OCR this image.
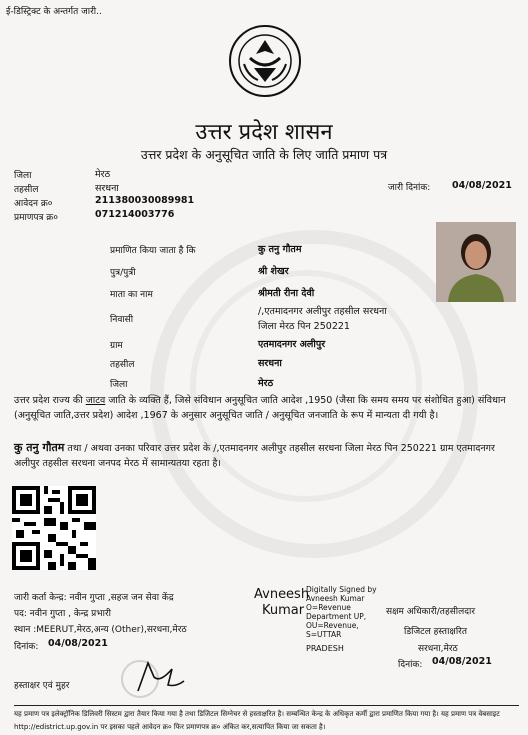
ई-डिस्ट्रिक्ट के अन्तर्गत जारी..
उत्तर प्रदेश शासन
उत्तर प्रदेश के अनुसूचित जाति के लिए जाति प्रमाण पत्र
जिला	मेरठ
तहसील	सरधना
आवेदन क्र०	211380030089981
प्रमाणपत्र क्र०	071214003776
जारी दिनांक: 04/08/2021
प्रमाणित किया जाता है कि	कु तनु गौतम
पुत्र/पुत्री	श्री शेखर
माता का नाम	श्रीमती रीना देवी
निवासी
/,एतमादनगर अलीपुर तहसील सरधना
जिला मेरठ पिन 250221
ग्राम	एतमादनगर अलीपुर
तहसील	सरधना
जिला	मेरठ
उत्तर प्रदेश राज्य की जाटव जाति के व्यक्ति हैं, जिसे संविधान अनुसूचित जाति आदेश ,1950 (जैसा कि समय समय पर संशोधित हुआ) संविधान (अनुसूचित जाति,उत्तर प्रदेश) आदेश ,1967 के अनुसार अनुसूचित जाति / अनुसूचित जनजाति के रूप में मान्यता दी गयी है।
कु तनु गौतम तथा / अथवा उनका परिवार उत्तर प्रदेश के /,एतमादनगर अलीपुर तहसील सरधना जिला मेरठ पिन 250221 ग्राम एतमादनगर अलीपुर तहसील सरधना जनपद मेरठ में सामान्यतया रहता है।
जारी कर्ता केन्द्र: नवीन गुप्ता ,सहज जन सेवा केंद्र
पद: नवीन गुप्ता , केन्द्र प्रभारी
स्थान :MEERUT,मेरठ,अन्य (Other),सरधना,मेरठ
दिनांक: 04/08/2021
हस्ताक्षर एवं मुहर
Avneesh
Kumar
Digitally Signed by
Avneesh Kumar
O=Revenue
Department UP,
OU=Revenue,
S=UTTAR
PRADESH
सक्षम अधिकारी/तहसीलदार
डिजिटल हस्ताक्षरित
सरधना,मेरठ
दिनांक: 04/08/2021
यह प्रमाण पत्र इलेक्ट्रॉनिक डिलिवरी सिस्टम द्वारा तैयार किया गया है तथा डिजिटल सिग्नेचर से हस्ताक्षरित है। सम्बन्धित केन्द्र के अधिकृत कर्मी द्वारा प्रमाणित किया गया है। यह प्रमाण पत्र वेबसाइट http://edistrict.up.gov.in पर इसका पहले आवेदन क्र० फिर प्रमाणपत्र क्र० अंकित कर,सत्यापित किया जा सकता है।
